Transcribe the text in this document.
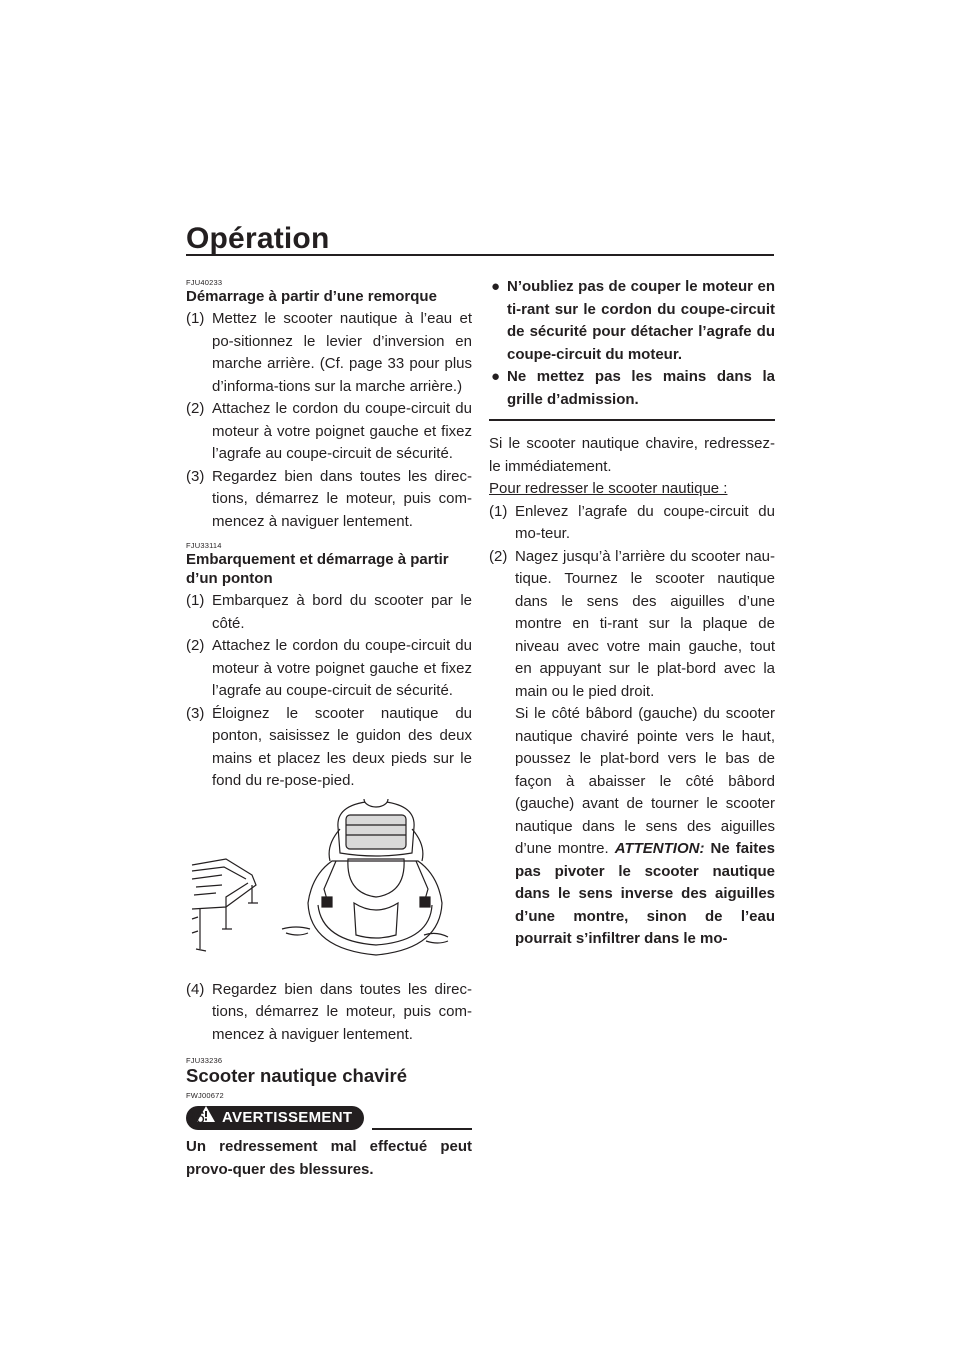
Opération
FJU40233
Démarrage à partir d’une remorque
(1) Mettez le scooter nautique à l’eau et po-sitionnez le levier d’inversion en marche arrière. (Cf. page 33 pour plus d’informa-tions sur la marche arrière.)
(2) Attachez le cordon du coupe-circuit du moteur à votre poignet gauche et fixez l’agrafe au coupe-circuit de sécurité.
(3) Regardez bien dans toutes les direc-tions, démarrez le moteur, puis com-mencez à naviguer lentement.
FJU33114
Embarquement et démarrage à partir d’un ponton
(1) Embarquez à bord du scooter par le côté.
(2) Attachez le cordon du coupe-circuit du moteur à votre poignet gauche et fixez l’agrafe au coupe-circuit de sécurité.
(3) Éloignez le scooter nautique du ponton, saisissez le guidon des deux mains et placez les deux pieds sur le fond du re-pose-pied.
(4) Regardez bien dans toutes les direc-tions, démarrez le moteur, puis com-mencez à naviguer lentement.
FJU33236
Scooter nautique chaviré
FWJ00672
AVERTISSEMENT
Un redressement mal effectué peut provo-quer des blessures.
● N’oubliez pas de couper le moteur en ti-rant sur le cordon du coupe-circuit de sécurité pour détacher l’agrafe du coupe-circuit du moteur.
● Ne mettez pas les mains dans la grille d’admission.
Si le scooter nautique chavire, redressez-le immédiatement.
Pour redresser le scooter nautique :
(1) Enlevez l’agrafe du coupe-circuit du mo-teur.
(2) Nagez jusqu’à l’arrière du scooter nau-tique. Tournez le scooter nautique dans le sens des aiguilles d’une montre en ti-rant sur la plaque de niveau avec votre main gauche, tout en appuyant sur le plat-bord avec la main ou le pied droit.
Si le côté bâbord (gauche) du scooter nautique chaviré pointe vers le haut, poussez le plat-bord vers le bas de façon à abaisser le côté bâbord (gauche) avant de tourner le scooter nautique dans le sens des aiguilles d’une montre. ATTENTION: Ne faites pas pivoter le scooter nautique dans le sens inverse des aiguilles d’une montre, sinon de l’eau pourrait s’infiltrer dans le mo-
86
